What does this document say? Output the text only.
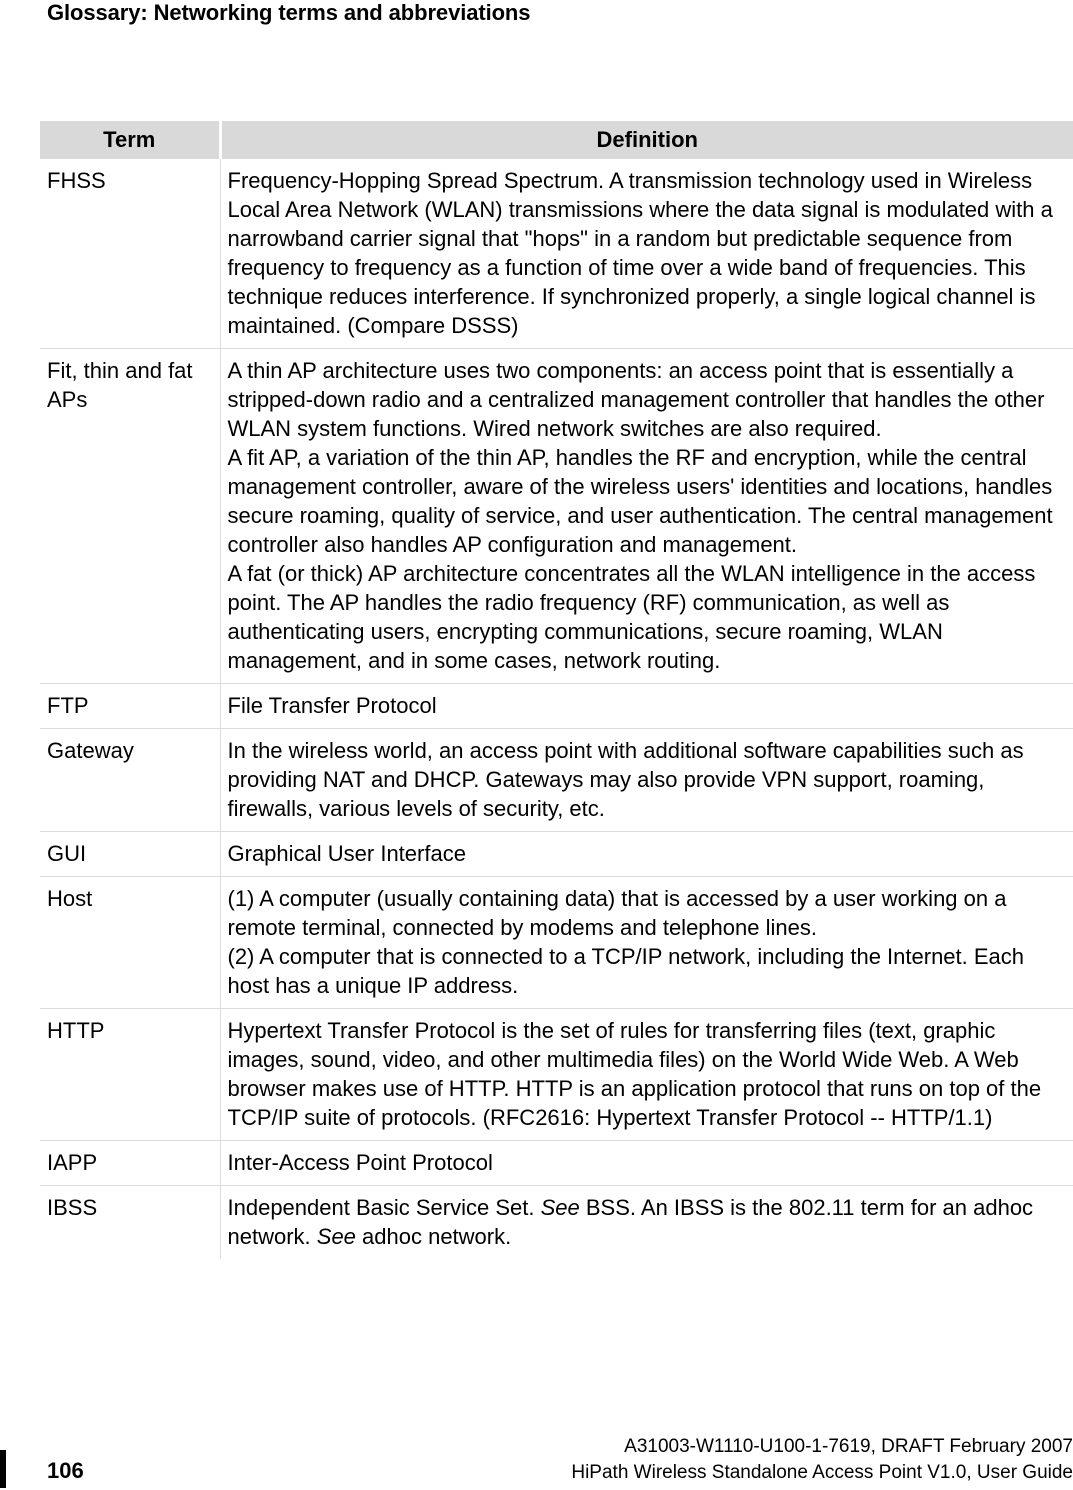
Glossary: Networking terms and abbreviations
Term	Definition
FHSS	Frequency-Hopping Spread Spectrum. A transmission technology used in Wireless Local Area Network (WLAN) transmissions where the data signal is modulated with a narrowband carrier signal that "hops" in a random but predictable sequence from frequency to frequency as a function of time over a wide band of frequencies. This technique reduces interference. If synchronized properly, a single logical channel is maintained. (Compare DSSS)

Fit, thin and fat APs	A thin AP architecture uses two components: an access point that is essentially a stripped-down radio and a centralized management controller that handles the other WLAN system functions. Wired network switches are also required.
A fit AP, a variation of the thin AP, handles the RF and encryption, while the central management controller, aware of the wireless users' identities and locations, handles secure roaming, quality of service, and user authentication. The central management controller also handles AP configuration and management.
A fat (or thick) AP architecture concentrates all the WLAN intelligence in the access point. The AP handles the radio frequency (RF) communication, as well as authenticating users, encrypting communications, secure roaming, WLAN management, and in some cases, network routing.

FTP	File Transfer Protocol

Gateway	In the wireless world, an access point with additional software capabilities such as providing NAT and DHCP. Gateways may also provide VPN support, roaming, firewalls, various levels of security, etc.

GUI	Graphical User Interface

Host	(1) A computer (usually containing data) that is accessed by a user working on a remote terminal, connected by modems and telephone lines.
(2) A computer that is connected to a TCP/IP network, including the Internet. Each host has a unique IP address.

HTTP	Hypertext Transfer Protocol is the set of rules for transferring files (text, graphic images, sound, video, and other multimedia files) on the World Wide Web. A Web browser makes use of HTTP. HTTP is an application protocol that runs on top of the TCP/IP suite of protocols. (RFC2616: Hypertext Transfer Protocol -- HTTP/1.1)

IAPP	Inter-Access Point Protocol

IBSS	Independent Basic Service Set. See BSS. An IBSS is the 802.11 term for an adhoc network. See adhoc network.
106
A31003-W1110-U100-1-7619, DRAFT February 2007
HiPath Wireless Standalone Access Point V1.0, User Guide
